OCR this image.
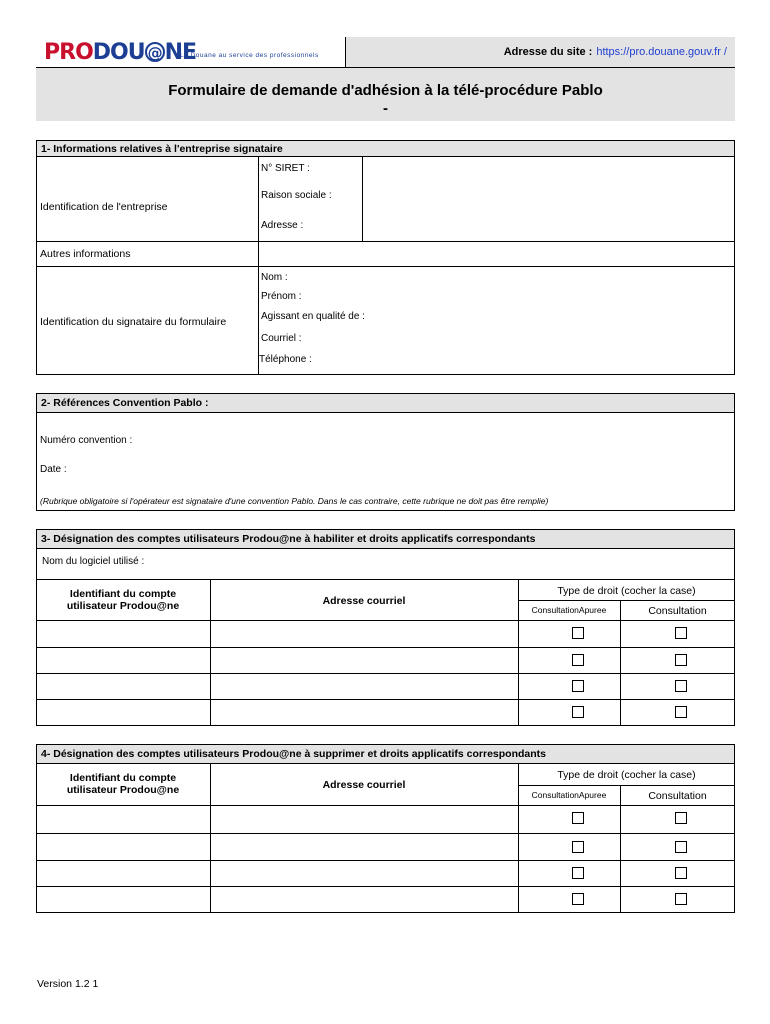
PRODOU @ NE
La Douane au service des professionnels	Adresse du site : https://pro.douane.gouv.fr /
Formulaire de demande d'adhésion à la télé-procédure Pablo
-
1- Informations relatives à l'entreprise signataire
Identification de l'entreprise
N° SIRET :
Raison sociale :
Adresse :
Autres informations
Identification du signataire du formulaire
Nom :
Prénom :
Agissant en qualité de :
Courriel :
Téléphone :
2- Références Convention Pablo :
Numéro convention :
Date :
(Rubrique obligatoire si l'opérateur est signataire d'une convention Pablo. Dans le cas contraire, cette rubrique ne doit pas être remplie)
3- Désignation des comptes utilisateurs Prodou@ne à habiliter et droits applicatifs correspondants
Nom du logiciel utilisé :
Identifiant du compte
utilisateur Prodou@ne	Adresse courriel
Type de droit (cocher la case)
ConsultationApuree	Consultation
4- Désignation des comptes utilisateurs Prodou@ne à supprimer et droits applicatifs correspondants
Identifiant du compte
utilisateur Prodou@ne	Adresse courriel
Type de droit (cocher la case)
ConsultationApuree	Consultation
Version 1.2 1
